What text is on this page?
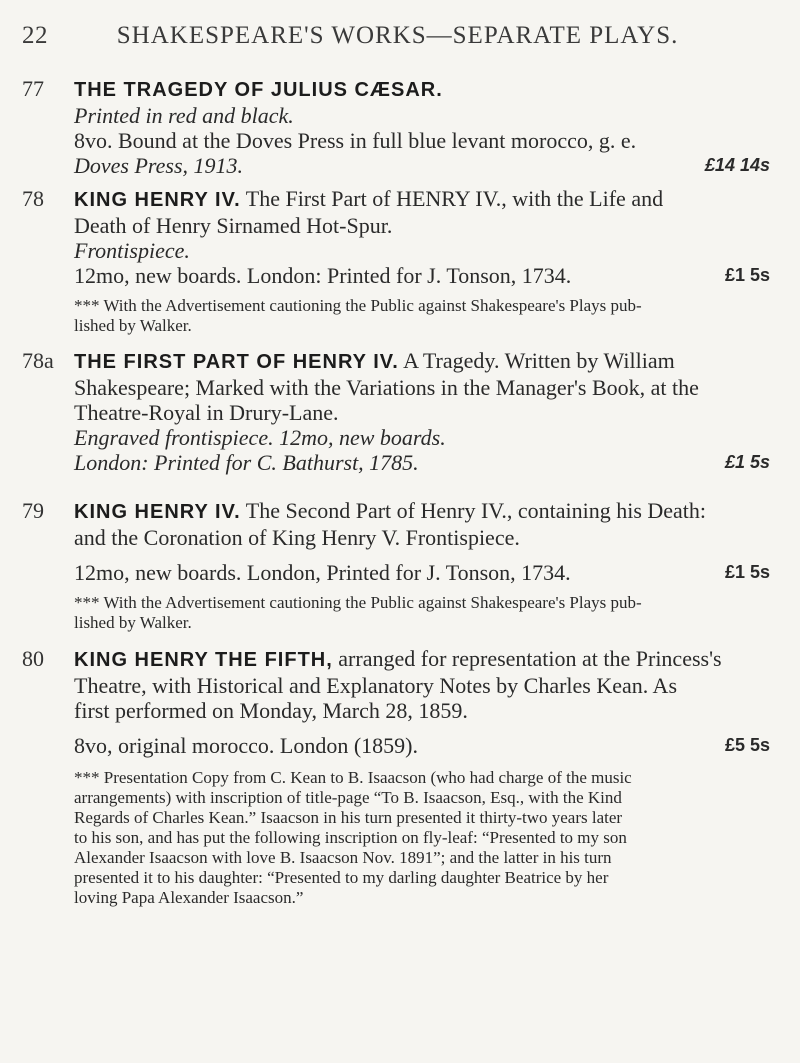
22	SHAKESPEARE'S WORKS—SEPARATE PLAYS.
77 THE TRAGEDY OF JULIUS CÆSAR.
Printed in red and black.
8vo. Bound at the Doves Press in full blue levant morocco, g. e.
Doves Press, 1913.	£14 14s
78 KING HENRY IV. The First Part of HENRY IV., with the Life and
Death of Henry Sirnamed Hot-Spur.
Frontispiece.
12mo, new boards. London: Printed for J. Tonson, 1734.	£1 5s
*** With the Advertisement cautioning the Public against Shakespeare's Plays pub-
lished by Walker.
78a THE FIRST PART OF HENRY IV. A Tragedy. Written by William
Shakespeare; Marked with the Variations in the Manager's Book, at the
Theatre-Royal in Drury-Lane.
Engraved frontispiece. 12mo, new boards.
London: Printed for C. Bathurst, 1785.	£1 5s
79 KING HENRY IV. The Second Part of Henry IV., containing his Death:
and the Coronation of King Henry V. Frontispiece.
12mo, new boards. London, Printed for J. Tonson, 1734.	£1 5s
*** With the Advertisement cautioning the Public against Shakespeare's Plays pub-
lished by Walker.
80 KING HENRY THE FIFTH, arranged for representation at the Princess's
Theatre, with Historical and Explanatory Notes by Charles Kean. As
first performed on Monday, March 28, 1859.
8vo, original morocco. London (1859).	£5 5s
*** Presentation Copy from C. Kean to B. Isaacson (who had charge of the music
arrangements) with inscription of title-page “To B. Isaacson, Esq., with the Kind
Regards of Charles Kean.” Isaacson in his turn presented it thirty-two years later
to his son, and has put the following inscription on fly-leaf: “Presented to my son
Alexander Isaacson with love B. Isaacson Nov. 1891”; and the latter in his turn
presented it to his daughter: “Presented to my darling daughter Beatrice by her
loving Papa Alexander Isaacson.”
